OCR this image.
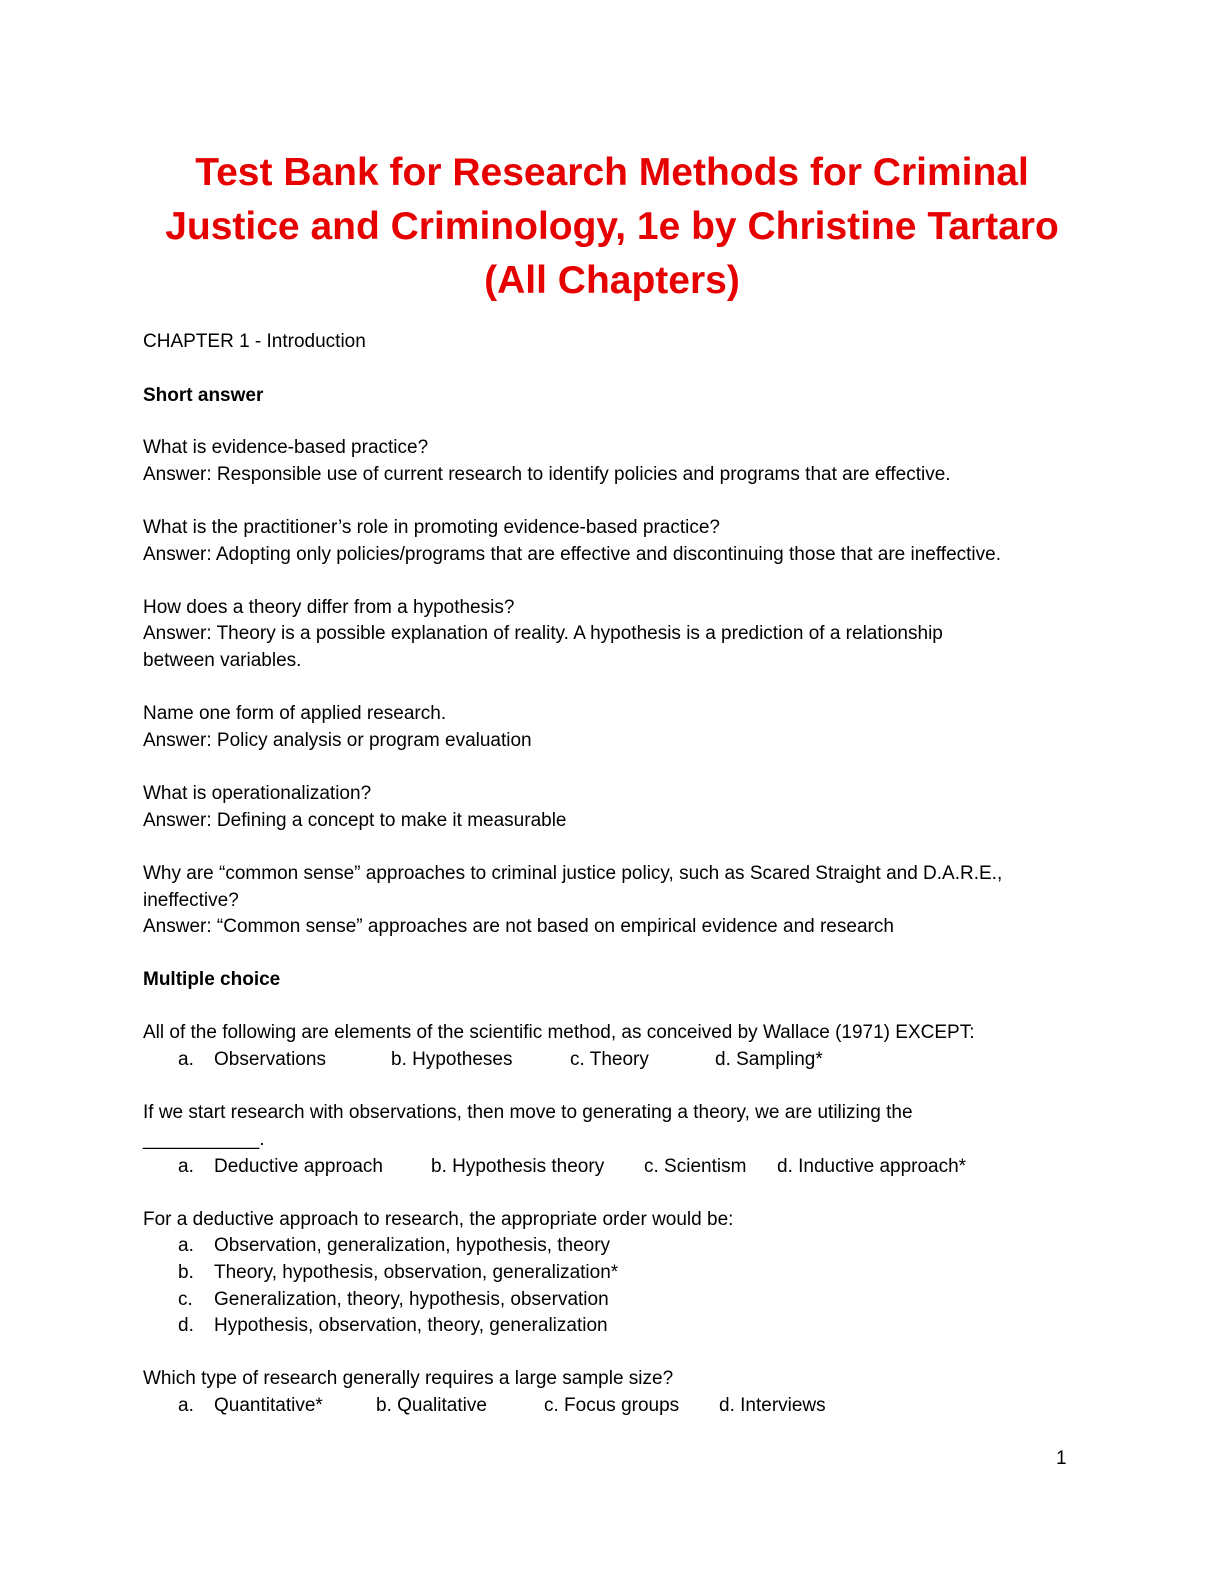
Test Bank for Research Methods for Criminal
Justice and Criminology, 1e by Christine Tartaro
(All Chapters)

CHAPTER 1 - Introduction

Short answer

What is evidence-based practice?

Answer: Responsible use of current research to identify policies and programs that are effective.

What is the practitioner’s role in promoting evidence-based practice?

Answer: Adopting only policies/programs that are effective and discontinuing those that are ineffective.

How does a theory differ from a hypothesis?

Answer: Theory is a possible explanation of reality. A hypothesis is a prediction of a relationship

between variables.

Name one form of applied research.

Answer: Policy analysis or program evaluation

What is operationalization?

Answer: Defining a concept to make it measurable

Why are “common sense” approaches to criminal justice policy, such as Scared Straight and D.A.R.E.,

ineffective?

Answer: “Common sense” approaches are not based on empirical evidence and research

Multiple choice

All of the following are elements of the scientific method, as conceived by Wallace (1971) EXCEPT:

a. Observations	b. Hypotheses	c. Theory	d. Sampling*

If we start research with observations, then move to generating a theory, we are utilizing the

___________.

a. Deductive approach	b. Hypothesis theory c. Scientism d. Inductive approach*

For a deductive approach to research, the appropriate order would be:

a. Observation, generalization, hypothesis, theory
b. Theory, hypothesis, observation, generalization*
c. Generalization, theory, hypothesis, observation
d. Hypothesis, observation, theory, generalization

Which type of research generally requires a large sample size?

a. Quantitative*	b. Qualitative	c. Focus groups d. Interviews
1
